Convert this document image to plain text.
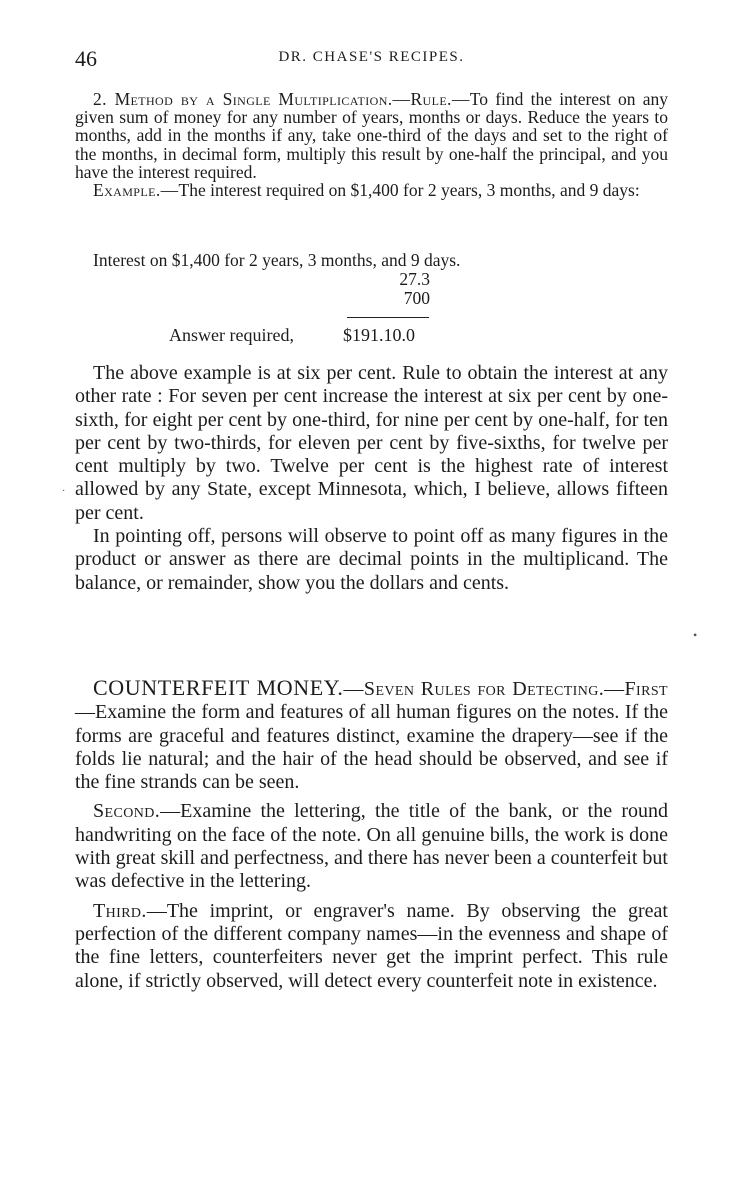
46	DR. CHASE'S RECIPES.

2. Method by a Single Multiplication.—Rule.—To find the interest on any given sum of money for any number of years, months or days. Reduce the years to months, add in the months if any, take one-third of the days and set to the right of the months, in decimal form, multiply this result by one-half the principal, and you have the interest required.

Example.—The interest required on $1,400 for 2 years, 3 months, and 9 days:

Interest on $1,400 for 2 years, 3 months, and 9 days.
27.3
700
Answer required,	$191.10.0

The above example is at six per cent. Rule to obtain the interest at any other rate : For seven per cent increase the interest at six per cent by one-sixth, for eight per cent by one-third, for nine per cent by one-half, for ten per cent by two-thirds, for eleven per cent by five-sixths, for twelve per cent multiply by two. Twelve per cent is the highest rate of interest allowed by any State, except Minnesota, which, I believe, allows fifteen per cent.

In pointing off, persons will observe to point off as many figures in the product or answer as there are decimal points in the multiplicand. The balance, or remainder, show you the dollars and cents.

COUNTERFEIT MONEY.—Seven Rules for Detecting.—First—Examine the form and features of all human figures on the notes. If the forms are graceful and features distinct, examine the drapery—see if the folds lie natural; and the hair of the head should be observed, and see if the fine strands can be seen.

Second.—Examine the lettering, the title of the bank, or the round handwriting on the face of the note. On all genuine bills, the work is done with great skill and perfectness, and there has never been a counterfeit but was defective in the lettering.

Third.—The imprint, or engraver's name. By observing the great perfection of the different company names—in the evenness and shape of the fine letters, counterfeiters never get the imprint perfect. This rule alone, if strictly observed, will detect every counterfeit note in existence.

•
·
